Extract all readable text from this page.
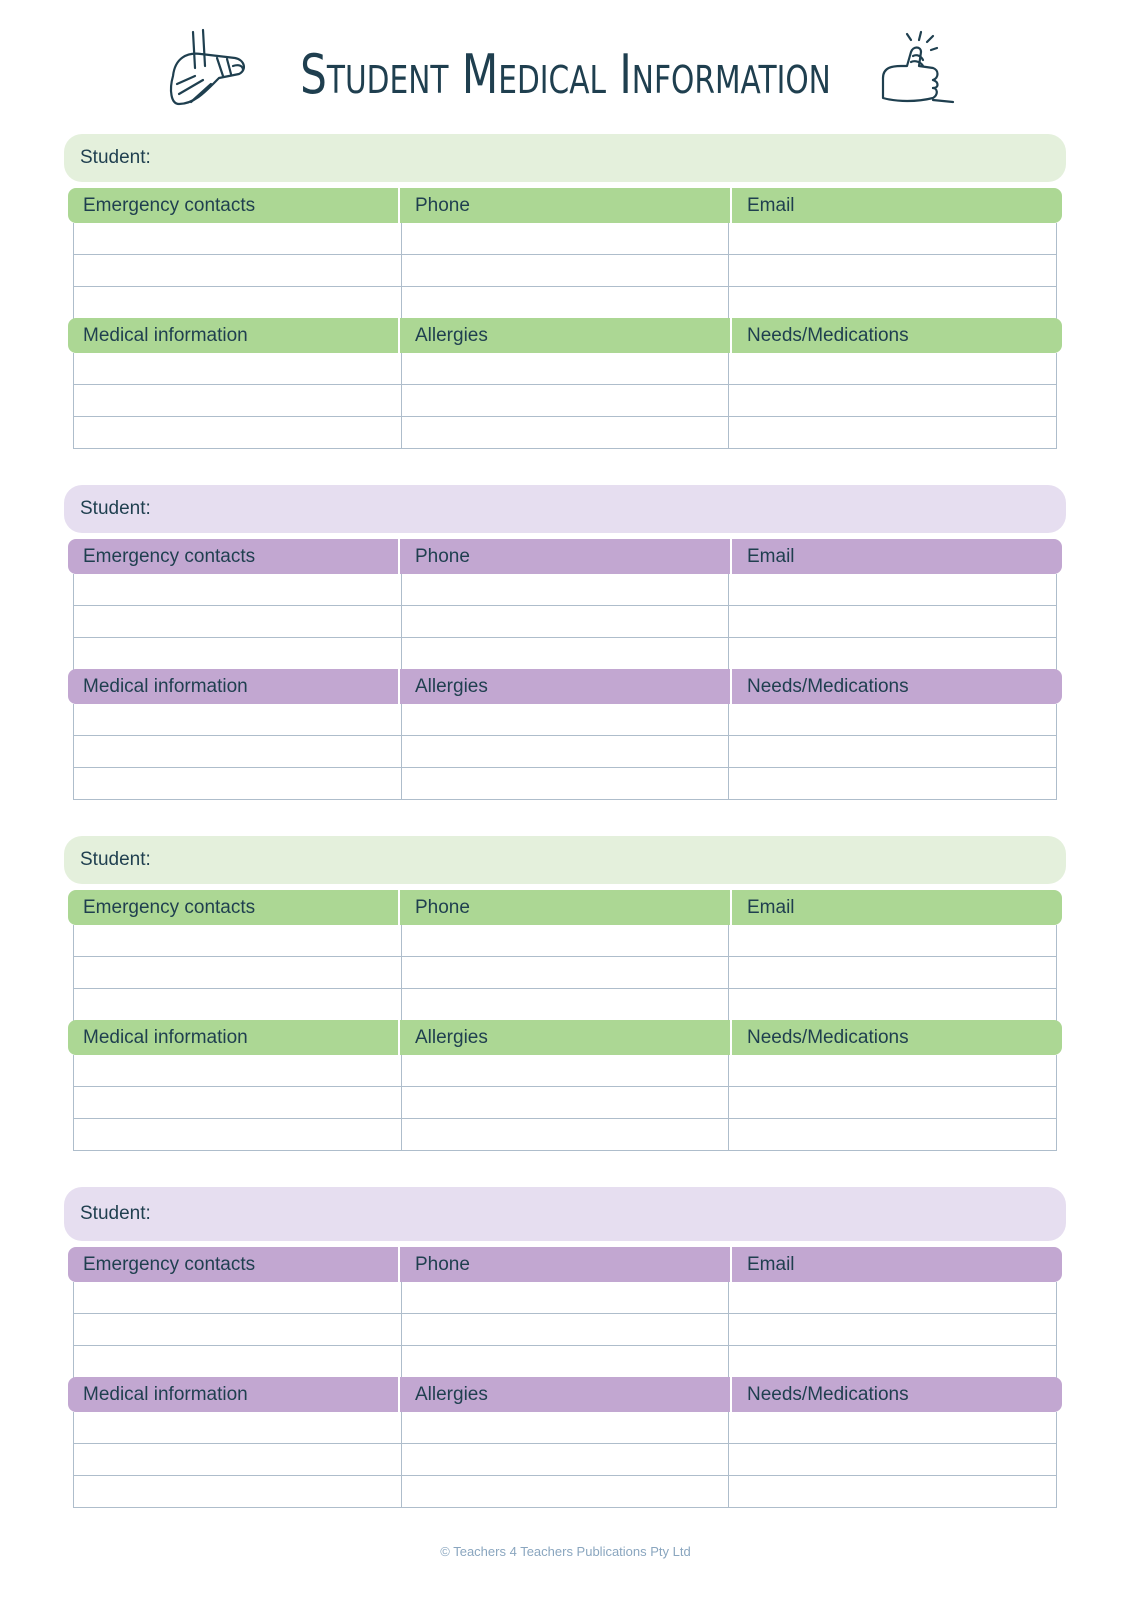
Student Medical Information
Student:
Emergency contacts	Phone	Email
Medical information	Allergies	Needs/Medications
Student:
Emergency contacts	Phone	Email
Medical information	Allergies	Needs/Medications
Student:
Emergency contacts	Phone	Email
Medical information	Allergies	Needs/Medications
Student:
Emergency contacts	Phone	Email
Medical information	Allergies	Needs/Medications
© Teachers 4 Teachers Publications Pty Ltd
